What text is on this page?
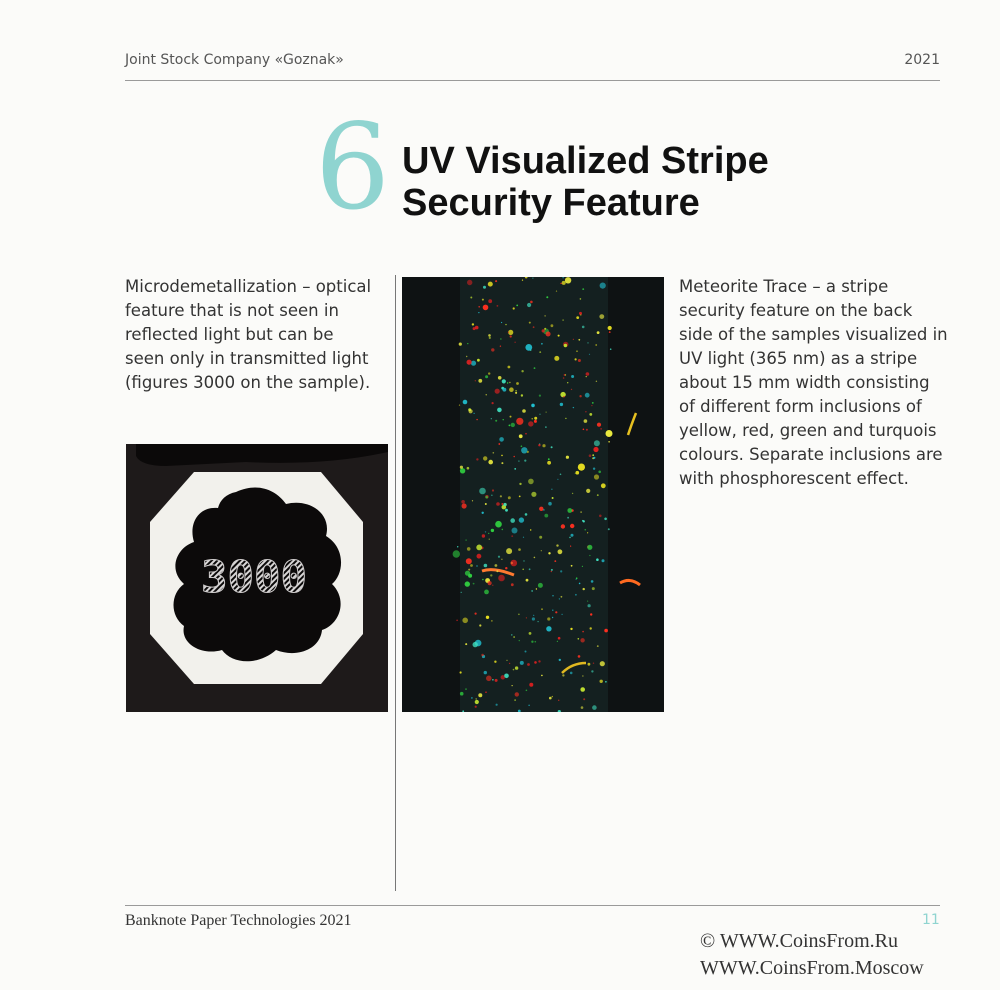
Joint Stock Company «Goznak»	2021
6 UV Visualized Stripe
Security Feature
Microdemetallization – optical feature that is not seen in reflected light but can be seen only in transmitted light (figures 3000 on the sample).
3000
Meteorite Trace – a stripe security feature on the back side of the samples visualized in UV light (365 nm) as a stripe about 15 mm width consisting of different form inclusions of yellow, red, green and turquois colours. Separate inclusions are with phosphorescent effect.
Banknote Paper Technologies 2021	11
© WWW.CoinsFrom.Ru
WWW.CoinsFrom.Moscow
